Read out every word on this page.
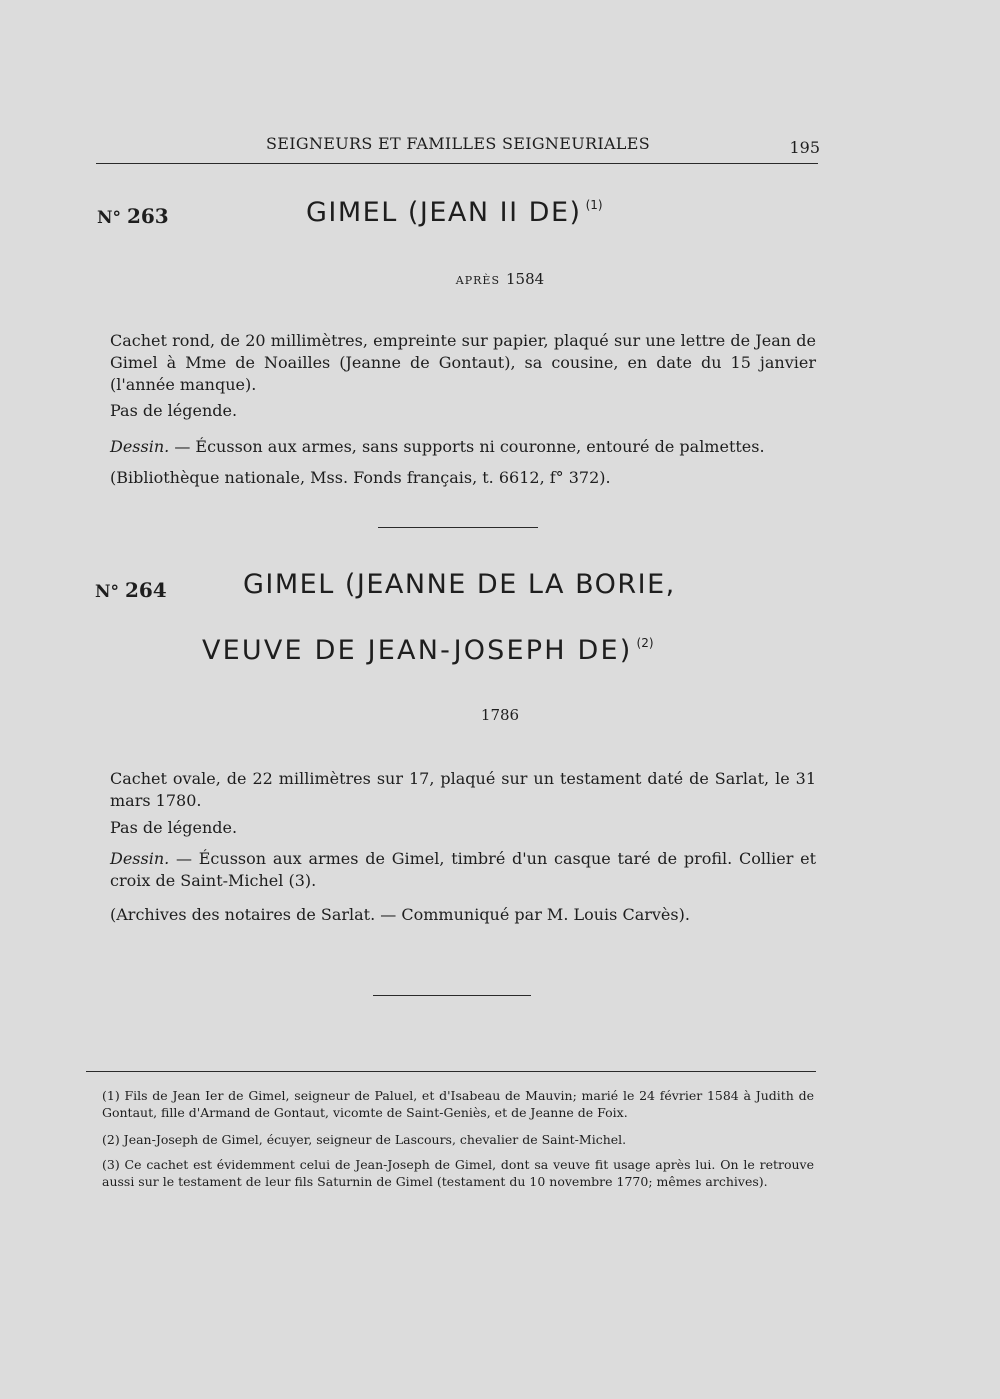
SEIGNEURS ET FAMILLES SEIGNEURIALES	195
N° 263	GIMEL (JEAN II DE) $^{(1)}$
APRÈS 1584
Cachet rond, de 20 millimètres, empreinte sur papier, plaqué sur une lettre de Jean de Gimel à Mme de Noailles (Jeanne de Gontaut), sa cousine, en date du 15 janvier (l'année manque).
Pas de légende.
Dessin. — Écusson aux armes, sans supports ni couronne, entouré de palmettes.
(Bibliothèque nationale, Mss. Fonds français, t. 6612, f° 372).
N° 264	GIMEL (JEANNE DE LA BORIE,
VEUVE DE JEAN-JOSEPH DE) $^{(2)}$
1786
Cachet ovale, de 22 millimètres sur 17, plaqué sur un testament daté de Sarlat, le 31 mars 1780.
Pas de légende.
Dessin. — Écusson aux armes de Gimel, timbré d'un casque taré de profil. Collier et croix de Saint-Michel (3).
(Archives des notaires de Sarlat. — Communiqué par M. Louis Carvès).
(1) Fils de Jean Ier de Gimel, seigneur de Paluel, et d'Isabeau de Mauvin; marié le 24 février 1584 à Judith de Gontaut, fille d'Armand de Gontaut, vicomte de Saint-Geniès, et de Jeanne de Foix.
(2) Jean-Joseph de Gimel, écuyer, seigneur de Lascours, chevalier de Saint-Michel.
(3) Ce cachet est évidemment celui de Jean-Joseph de Gimel, dont sa veuve fit usage après lui. On le retrouve aussi sur le testament de leur fils Saturnin de Gimel (testament du 10 novembre 1770; mêmes archives).
